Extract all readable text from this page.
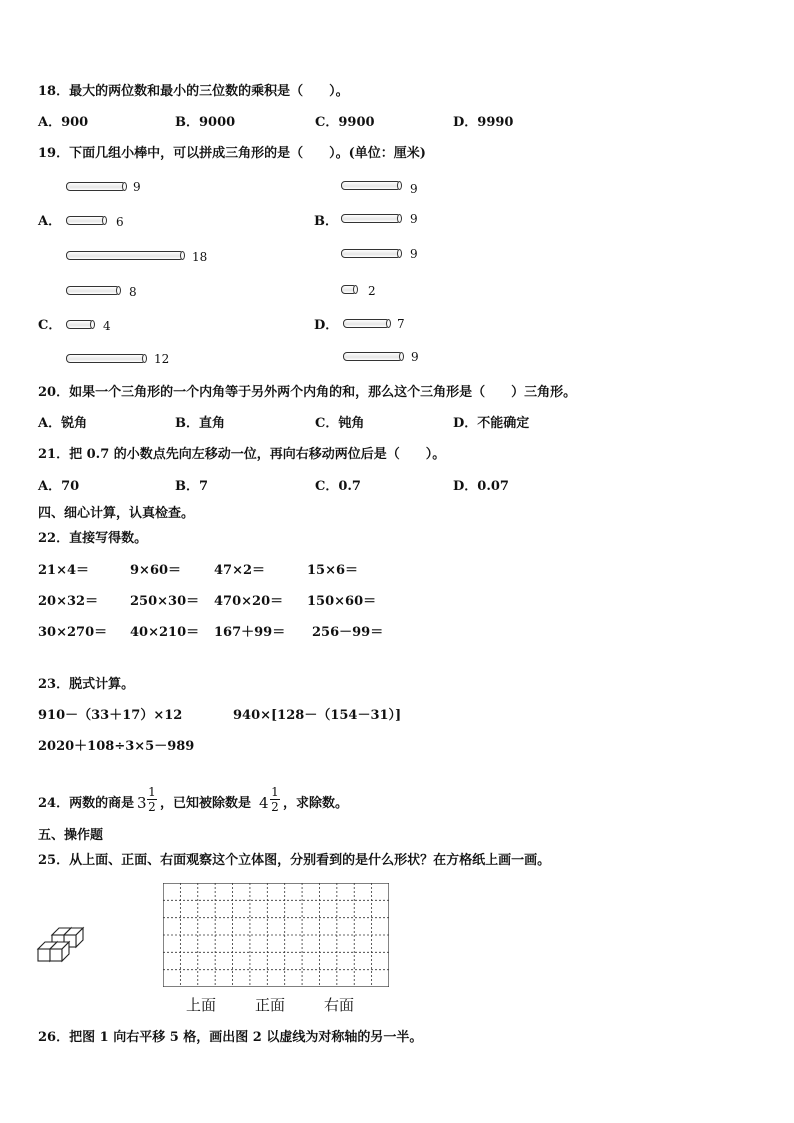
18．最大的两位数和最小的三位数的乘积是（　　）。
A．900	B．9000	C．9900	D．9990
19．下面几组小棒中，可以拼成三角形的是（　　）。(单位：厘米)
9
A．	6
18
9
B．	9
9
8
C．	4
12
2
D．	7
9
20．如果一个三角形的一个内角等于另外两个内角的和，那么这个三角形是（　　）三角形。
A．锐角	B．直角	C．钝角	D．不能确定
21．把 0.7 的小数点先向左移动一位，再向右移动两位后是（　　）。
A．70	B．7	C．0.7	D．0.07
四、细心计算，认真检查。
22．直接写得数。
21×4＝	9×60＝	47×2＝	15×6＝
20×32＝ 250×30＝ 470×20＝ 150×60＝
30×270＝ 40×210＝ 167＋99＝ 256－99＝
23．脱式计算。
910－（33＋17）×12	940×[128－（154－31）]
2020＋108÷3×5－989
24．两数的商是 3
1
2 ，已知被除数是 4
1
2 ，求除数。
五、操作题
25．从上面、正面、右面观察这个立体图，分别看到的是什么形状？在方格纸上画一画。
上面	正面	右面
26．把图 1 向右平移 5 格，画出图 2 以虚线为对称轴的另一半。
